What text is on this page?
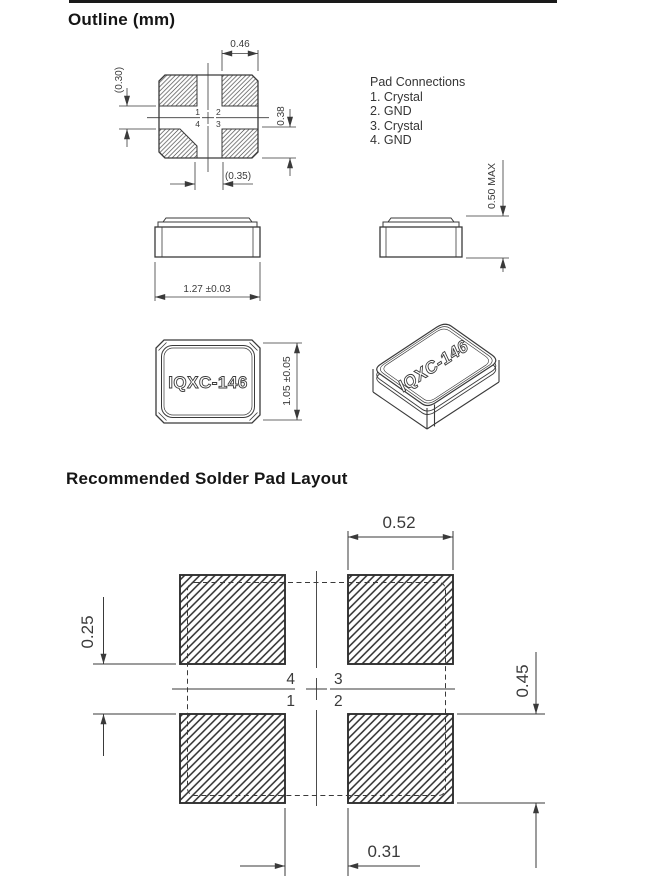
Outline (mm)
Pad Connections
1. Crystal
2. GND
3. Crystal
4. GND
Recommended Solder Pad Layout
1
4
2
3
0.46
(0.30)
0.38
(0.35)
1.27 ±0.03
0.50 MAX
IQXC-146	1.05 ±0.05	IQXC-146
4
1
3
2
0.52
0.25
0.45
0.31
